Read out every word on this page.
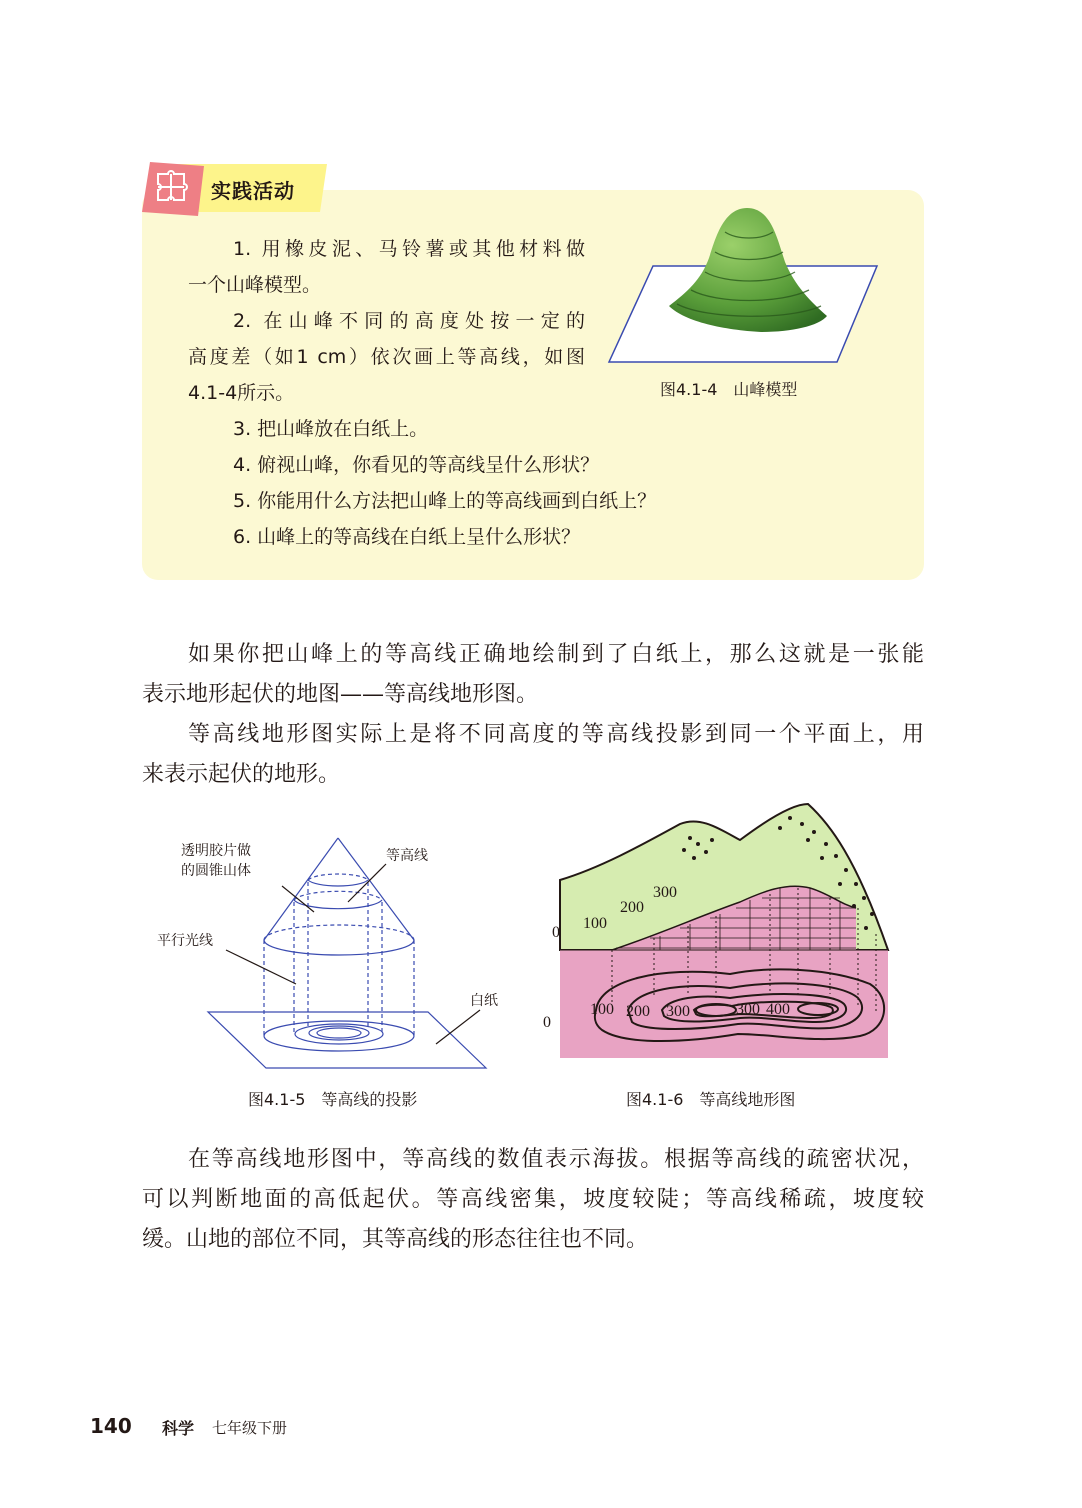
实践活动
1. 用橡皮泥、马铃薯或其他材料做
一个山峰模型。
2. 在山峰不同的高度处按一定的
高度差（如1 cm）依次画上等高线，如图
4.1-4所示。
3. 把山峰放在白纸上。
4. 俯视山峰，你看见的等高线呈什么形状？
5. 你能用什么方法把山峰上的等高线画到白纸上？
6. 山峰上的等高线在白纸上呈什么形状？
图4.1-4　山峰模型
如果你把山峰上的等高线正确地绘制到了白纸上，那么这就是一张能
表示地形起伏的地图——等高线地形图。
等高线地形图实际上是将不同高度的等高线投影到同一个平面上，用
来表示起伏的地形。
透明胶片做
的圆锥山体
等高线
平行光线
白纸
图4.1-5　等高线的投影
0
100
200
300
0
100 200 300	300 400
图4.1-6　等高线地形图
在等高线地形图中，等高线的数值表示海拔。根据等高线的疏密状况，
可以判断地面的高低起伏。等高线密集，坡度较陡；等高线稀疏，坡度较
缓。山地的部位不同，其等高线的形态往往也不同。
140 科学 七年级下册
